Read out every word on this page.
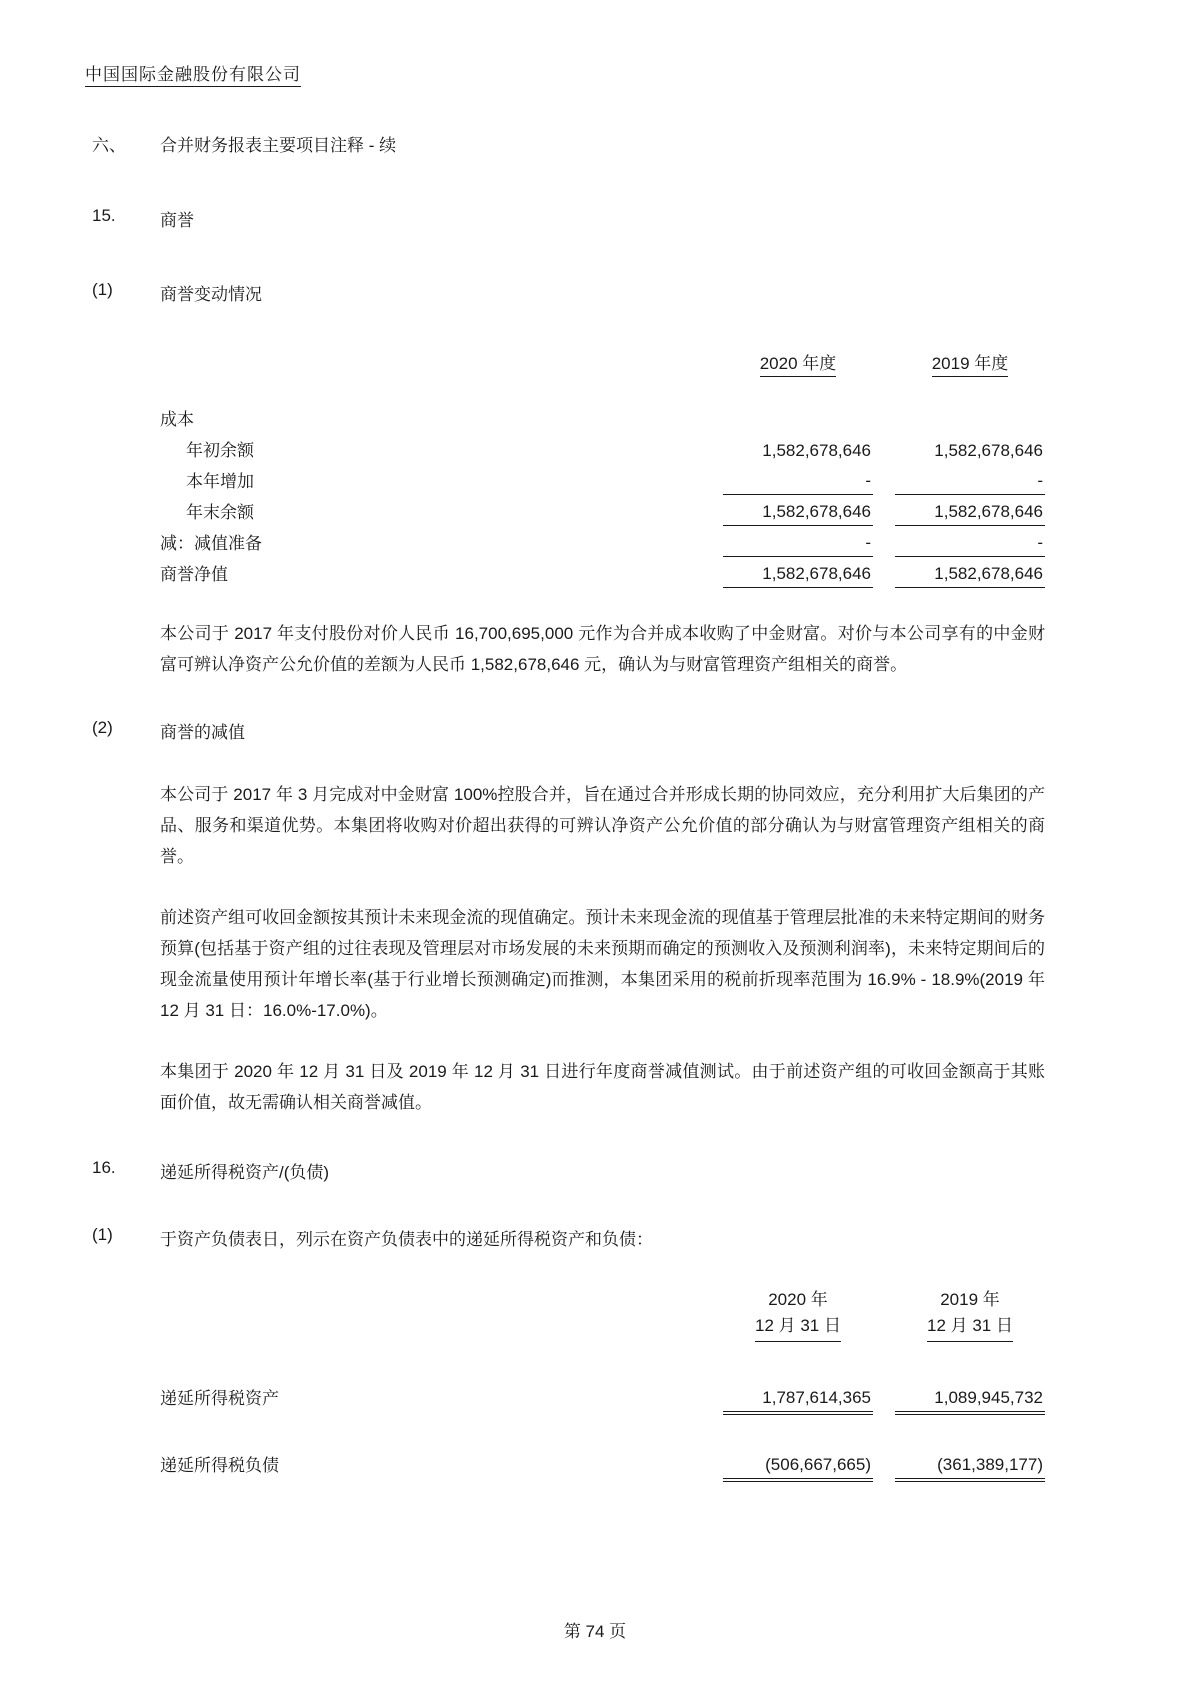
中国国际金融股份有限公司
六、	合并财务报表主要项目注释 - 续
15.	商誉
(1)	商誉变动情况
2020 年度	2019 年度
成本
年初余额	1,582,678,646	1,582,678,646
本年增加	-	-
年末余额	1,582,678,646	1,582,678,646
减：减值准备	-	-
商誉净值	1,582,678,646	1,582,678,646
本公司于 2017 年支付股份对价人民币 16,700,695,000 元作为合并成本收购了中金财富。对价与本公司享有的中金财富可辨认净资产公允价值的差额为人民币 1,582,678,646 元，确认为与财富管理资产组相关的商誉。
(2)	商誉的减值
本公司于 2017 年 3 月完成对中金财富 100%控股合并，旨在通过合并形成长期的协同效应，充分利用扩大后集团的产品、服务和渠道优势。本集团将收购对价超出获得的可辨认净资产公允价值的部分确认为与财富管理资产组相关的商誉。
前述资产组可收回金额按其预计未来现金流的现值确定。预计未来现金流的现值基于管理层批准的未来特定期间的财务预算(包括基于资产组的过往表现及管理层对市场发展的未来预期而确定的预测收入及预测利润率)，未来特定期间后的现金流量使用预计年增长率(基于行业增长预测确定)而推测，本集团采用的税前折现率范围为 16.9% - 18.9%(2019 年 12 月 31 日：16.0%-17.0%)。
本集团于 2020 年 12 月 31 日及 2019 年 12 月 31 日进行年度商誉减值测试。由于前述资产组的可收回金额高于其账面价值，故无需确认相关商誉减值。
16.	递延所得税资产/(负债)
(1)	于资产负债表日，列示在资产负债表中的递延所得税资产和负债：
2020 年
12 月 31 日
2019 年
12 月 31 日
递延所得税资产	1,787,614,365	1,089,945,732
递延所得税负债	(506,667,665)	(361,389,177)
第 74 页
